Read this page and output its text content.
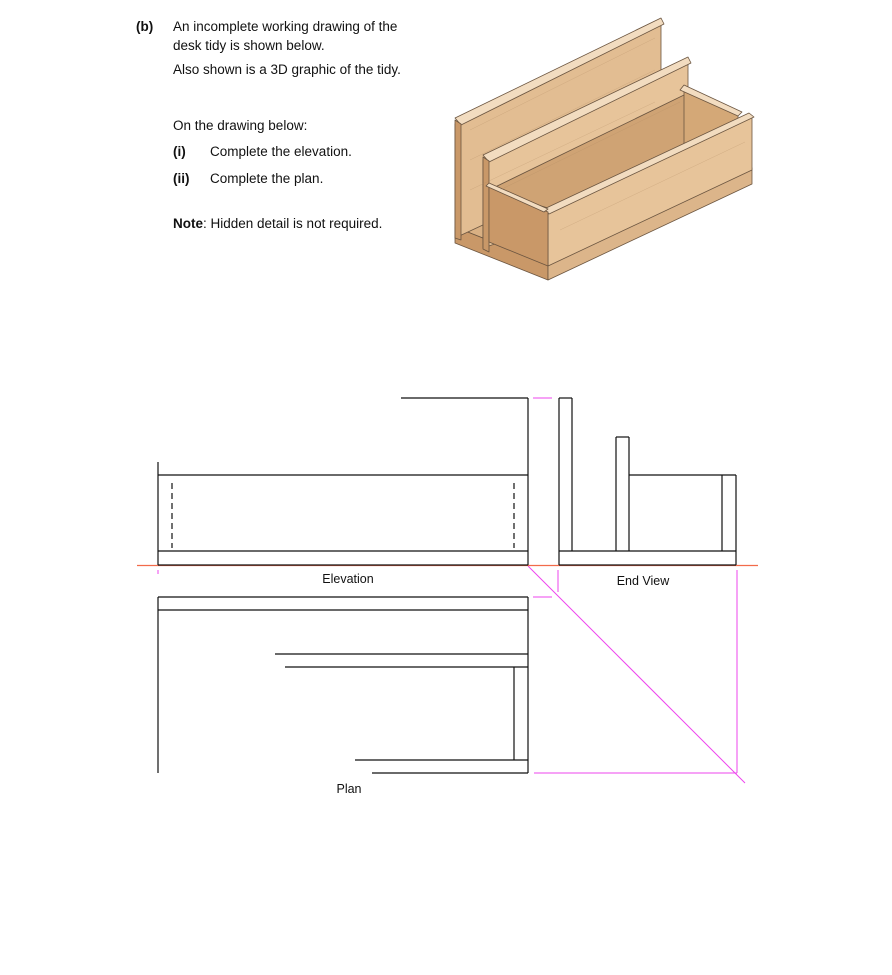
(b) An incomplete working drawing of the
desk tidy is shown below.
Also shown is a 3D graphic of the tidy.
On the drawing below:
(i) Complete the elevation.
(ii) Complete the plan.
Note: Hidden detail is not required.
Elevation	End View
Plan
